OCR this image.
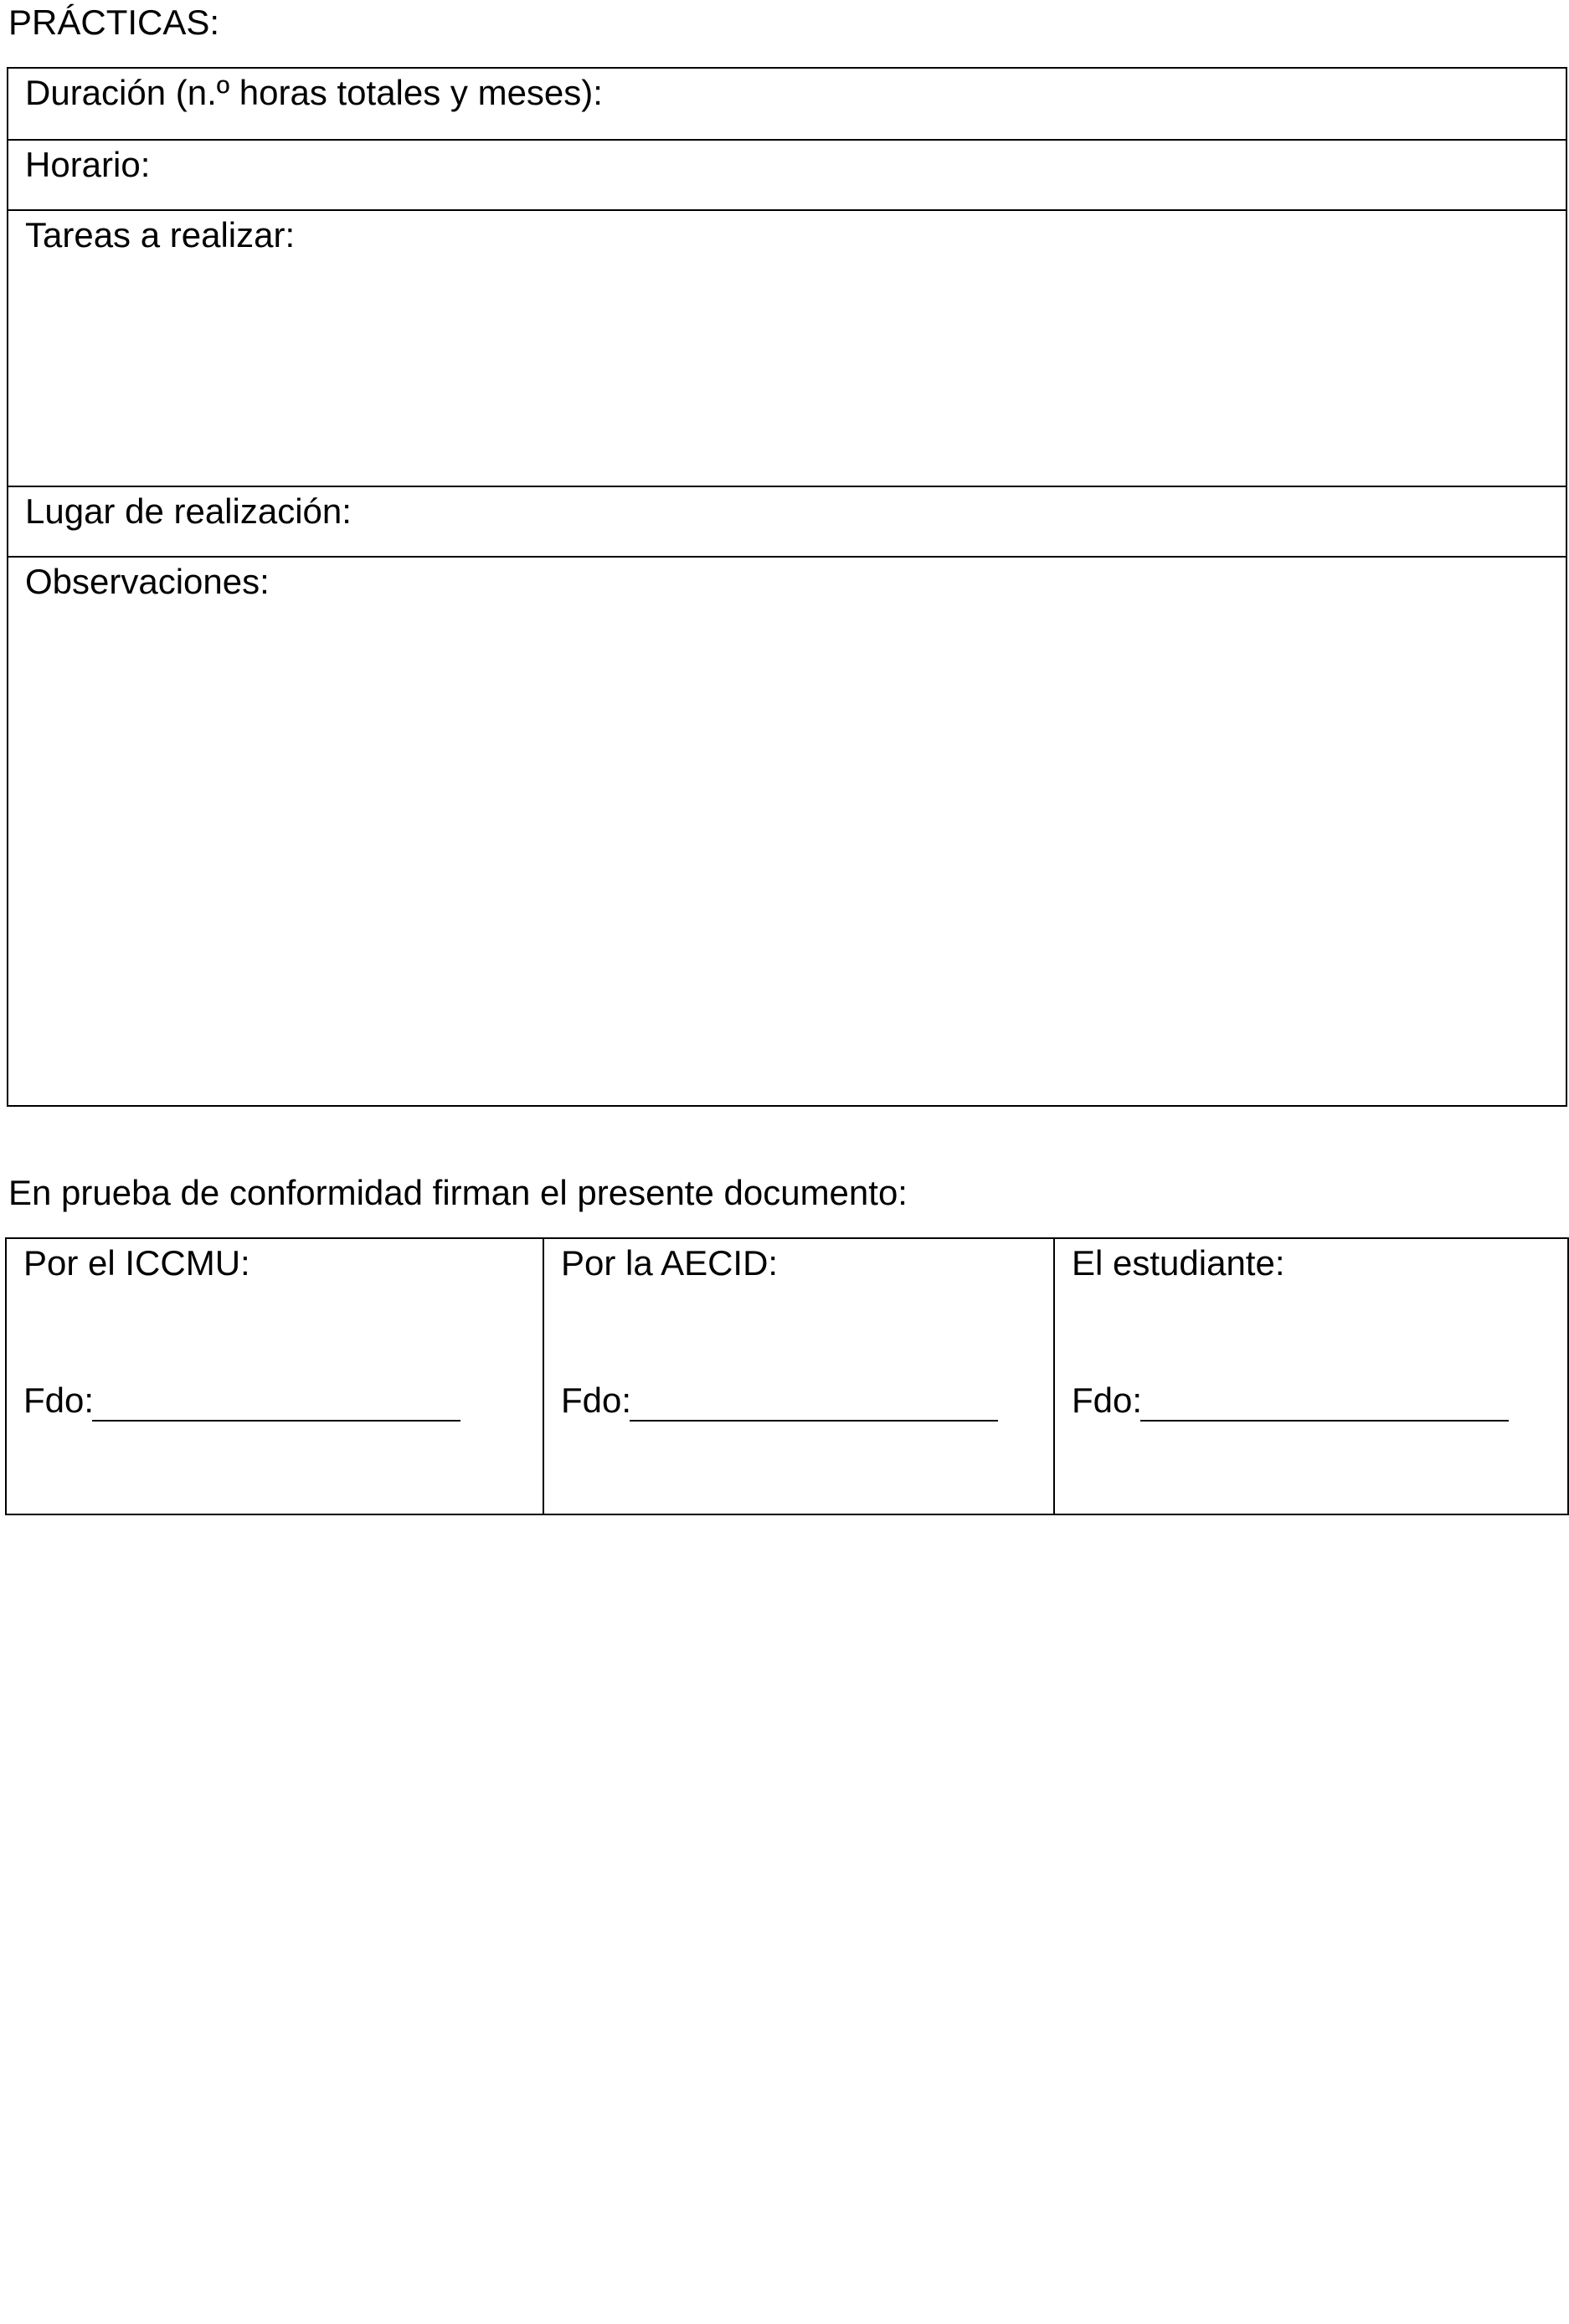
PRÁCTICAS:
Duración (n.º horas totales y meses):
Horario:
Tareas a realizar:
Lugar de realización:
Observaciones:
En prueba de conformidad firman el presente documento:
Por el ICCMU:
Fdo:
Por la AECID:
Fdo:
El estudiante:
Fdo:
